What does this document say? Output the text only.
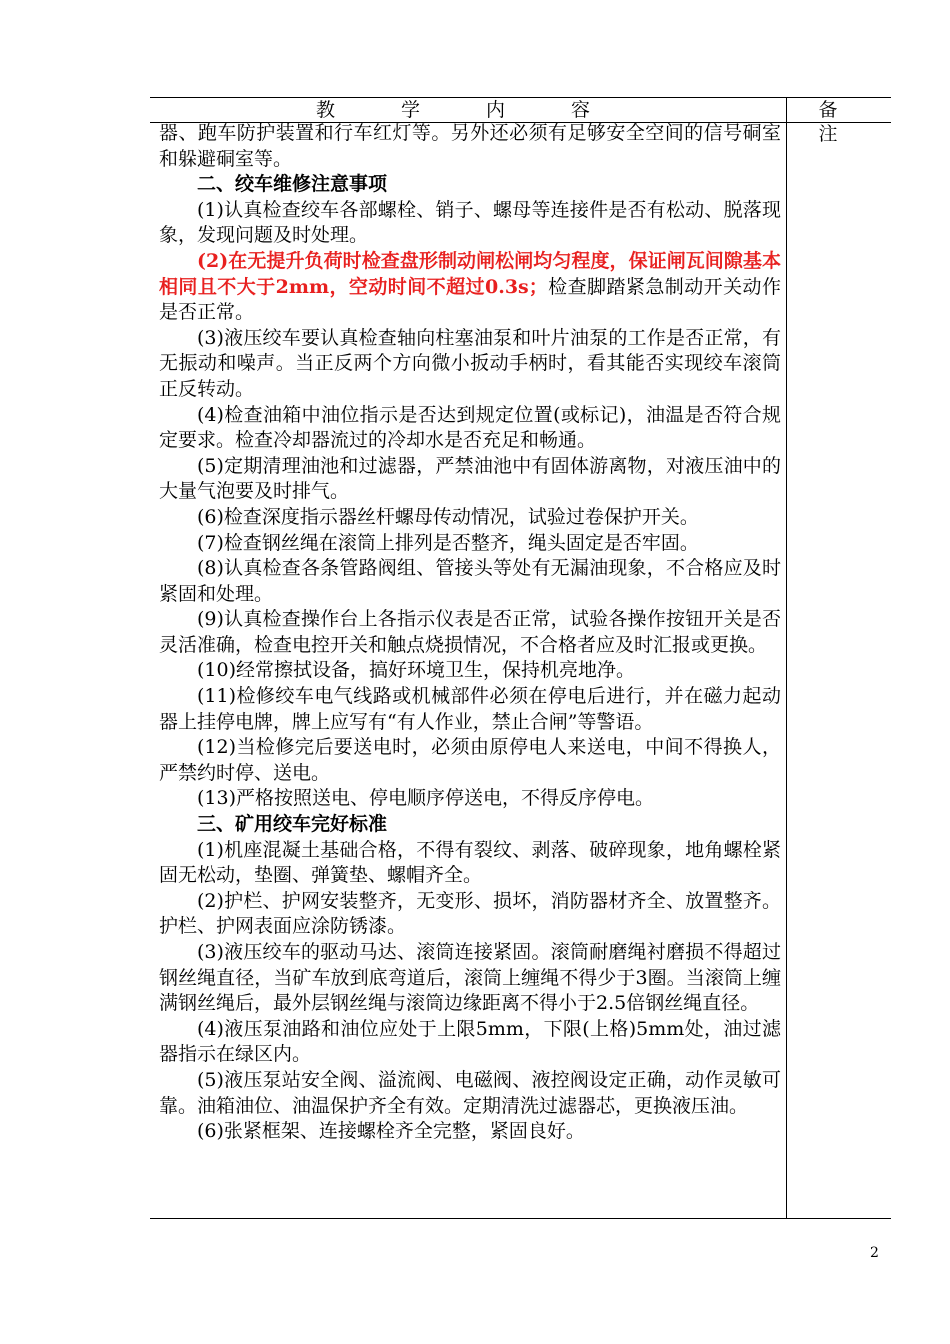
教 学 内 容	备 注

器、跑车防护装置和行车红灯等。另外还必须有足够安全空间的信号硐室和躲避硐室等。

二、绞车维修注意事项

(1)认真检查绞车各部螺栓、销子、螺母等连接件是否有松动、脱落现象，发现问题及时处理。

(2)在无提升负荷时检查盘形制动闸松闸均匀程度，保证闸瓦间隙基本相同且不大于2mm，空动时间不超过0.3s；检查脚踏紧急制动开关动作是否正常。

(3)液压绞车要认真检查轴向柱塞油泵和叶片油泵的工作是否正常，有无振动和噪声。当正反两个方向微小扳动手柄时，看其能否实现绞车滚筒正反转动。

(4)检查油箱中油位指示是否达到规定位置(或标记)，油温是否符合规定要求。检查冷却器流过的冷却水是否充足和畅通。

(5)定期清理油池和过滤器，严禁油池中有固体游离物，对液压油中的大量气泡要及时排气。

(6)检查深度指示器丝杆螺母传动情况，试验过卷保护开关。

(7)检查钢丝绳在滚筒上排列是否整齐，绳头固定是否牢固。

(8)认真检查各条管路阀组、管接头等处有无漏油现象，不合格应及时紧固和处理。

(9)认真检查操作台上各指示仪表是否正常，试验各操作按钮开关是否灵活准确，检查电控开关和触点烧损情况，不合格者应及时汇报或更换。

(10)经常擦拭设备，搞好环境卫生，保持机亮地净。

(11)检修绞车电气线路或机械部件必须在停电后进行，并在磁力起动器上挂停电牌，牌上应写有“有人作业，禁止合闸”等警语。

(12)当检修完后要送电时，必须由原停电人来送电，中间不得换人，严禁约时停、送电。

(13)严格按照送电、停电顺序停送电，不得反序停电。

三、矿用绞车完好标准

(1)机座混凝土基础合格，不得有裂纹、剥落、破碎现象，地角螺栓紧固无松动，垫圈、弹簧垫、螺帽齐全。

(2)护栏、护网安装整齐，无变形、损坏，消防器材齐全、放置整齐。护栏、护网表面应涂防锈漆。

(3)液压绞车的驱动马达、滚筒连接紧固。滚筒耐磨绳衬磨损不得超过钢丝绳直径，当矿车放到底弯道后，滚筒上缠绳不得少于3圈。当滚筒上缠满钢丝绳后，最外层钢丝绳与滚筒边缘距离不得小于2.5倍钢丝绳直径。

(4)液压泵油路和油位应处于上限5mm，下限(上格)5mm处，油过滤器指示在绿区内。

(5)液压泵站安全阀、溢流阀、电磁阀、液控阀设定正确，动作灵敏可靠。油箱油位、油温保护齐全有效。定期清洗过滤器芯，更换液压油。

(6)张紧框架、连接螺栓齐全完整，紧固良好。

2
